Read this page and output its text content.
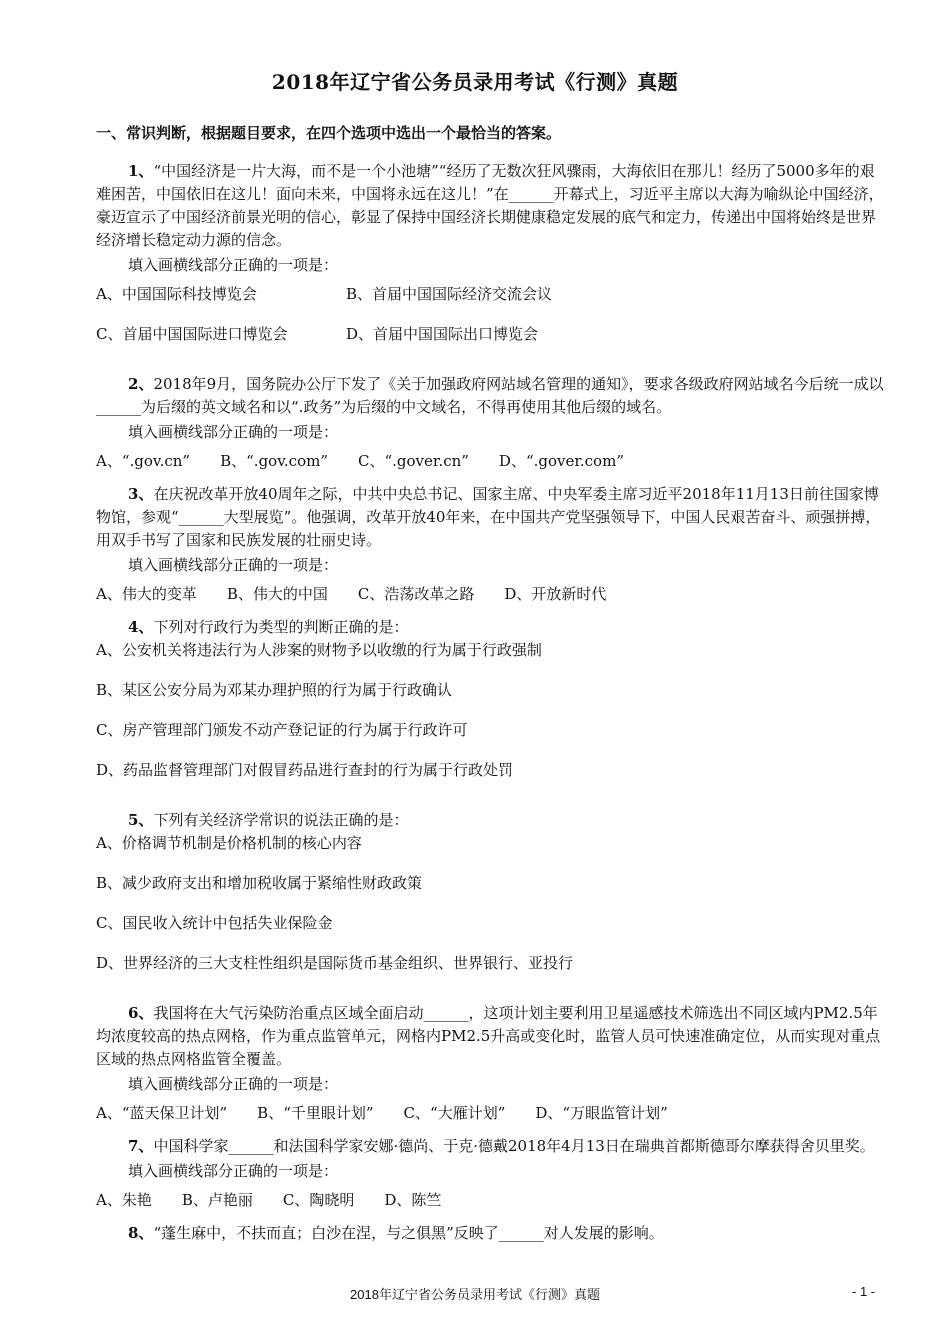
2018年辽宁省公务员录用考试《行测》真题
一、常识判断，根据题目要求，在四个选项中选出一个最恰当的答案。

1、“中国经济是一片大海，而不是一个小池塘”“经历了无数次狂风骤雨，大海依旧在那儿！经历了5000多年的艰难困苦，中国依旧在这儿！面向未来，中国将永远在这儿！”在______开幕式上，习近平主席以大海为喻纵论中国经济，豪迈宣示了中国经济前景光明的信心，彰显了保持中国经济长期健康稳定发展的底气和定力，传递出中国将始终是世界经济增长稳定动力源的信念。

填入画横线部分正确的一项是：

A、中国国际科技博览会	B、首届中国国际经济交流会议
C、首届中国国际进口博览会	D、首届中国国际出口博览会

2、2018年9月，国务院办公厅下发了《关于加强政府网站域名管理的通知》，要求各级政府网站域名今后统一成以______为后缀的英文域名和以“.政务”为后缀的中文域名，不得再使用其他后缀的域名。

填入画横线部分正确的一项是：

A、“.gov.cn” B、“.gov.com” C、“.gover.cn” D、“.gover.com”

3、在庆祝改革开放40周年之际，中共中央总书记、国家主席、中央军委主席习近平2018年11月13日前往国家博物馆，参观“______大型展览”。他强调，改革开放40年来，在中国共产党坚强领导下，中国人民艰苦奋斗、顽强拼搏，用双手书写了国家和民族发展的壮丽史诗。

填入画横线部分正确的一项是：

A、伟大的变革 B、伟大的中国 C、浩荡改革之路 D、开放新时代

4、下列对行政行为类型的判断正确的是：

A、公安机关将违法行为人涉案的财物予以收缴的行为属于行政强制
B、某区公安分局为邓某办理护照的行为属于行政确认
C、房产管理部门颁发不动产登记证的行为属于行政许可
D、药品监督管理部门对假冒药品进行查封的行为属于行政处罚

5、下列有关经济学常识的说法正确的是：

A、价格调节机制是价格机制的核心内容
B、减少政府支出和增加税收属于紧缩性财政政策
C、国民收入统计中包括失业保险金
D、世界经济的三大支柱性组织是国际货币基金组织、世界银行、亚投行

6、我国将在大气污染防治重点区域全面启动______，这项计划主要利用卫星遥感技术筛选出不同区域内PM2.5年均浓度较高的热点网格，作为重点监管单元，网格内PM2.5升高或变化时，监管人员可快速准确定位，从而实现对重点区域的热点网格监管全覆盖。

填入画横线部分正确的一项是：

A、“蓝天保卫计划” B、“千里眼计划” C、“大雁计划” D、“万眼监管计划”

7、中国科学家______和法国科学家安娜·德尚、于克·德戴2018年4月13日在瑞典首都斯德哥尔摩获得舍贝里奖。

填入画横线部分正确的一项是：

A、朱艳 B、卢艳丽 C、陶晓明 D、陈竺

8、“蓬生麻中，不扶而直；白沙在涅，与之俱黑”反映了______对人发展的影响。

2018年辽宁省公务员录用考试《行测》真题	- 1 -
